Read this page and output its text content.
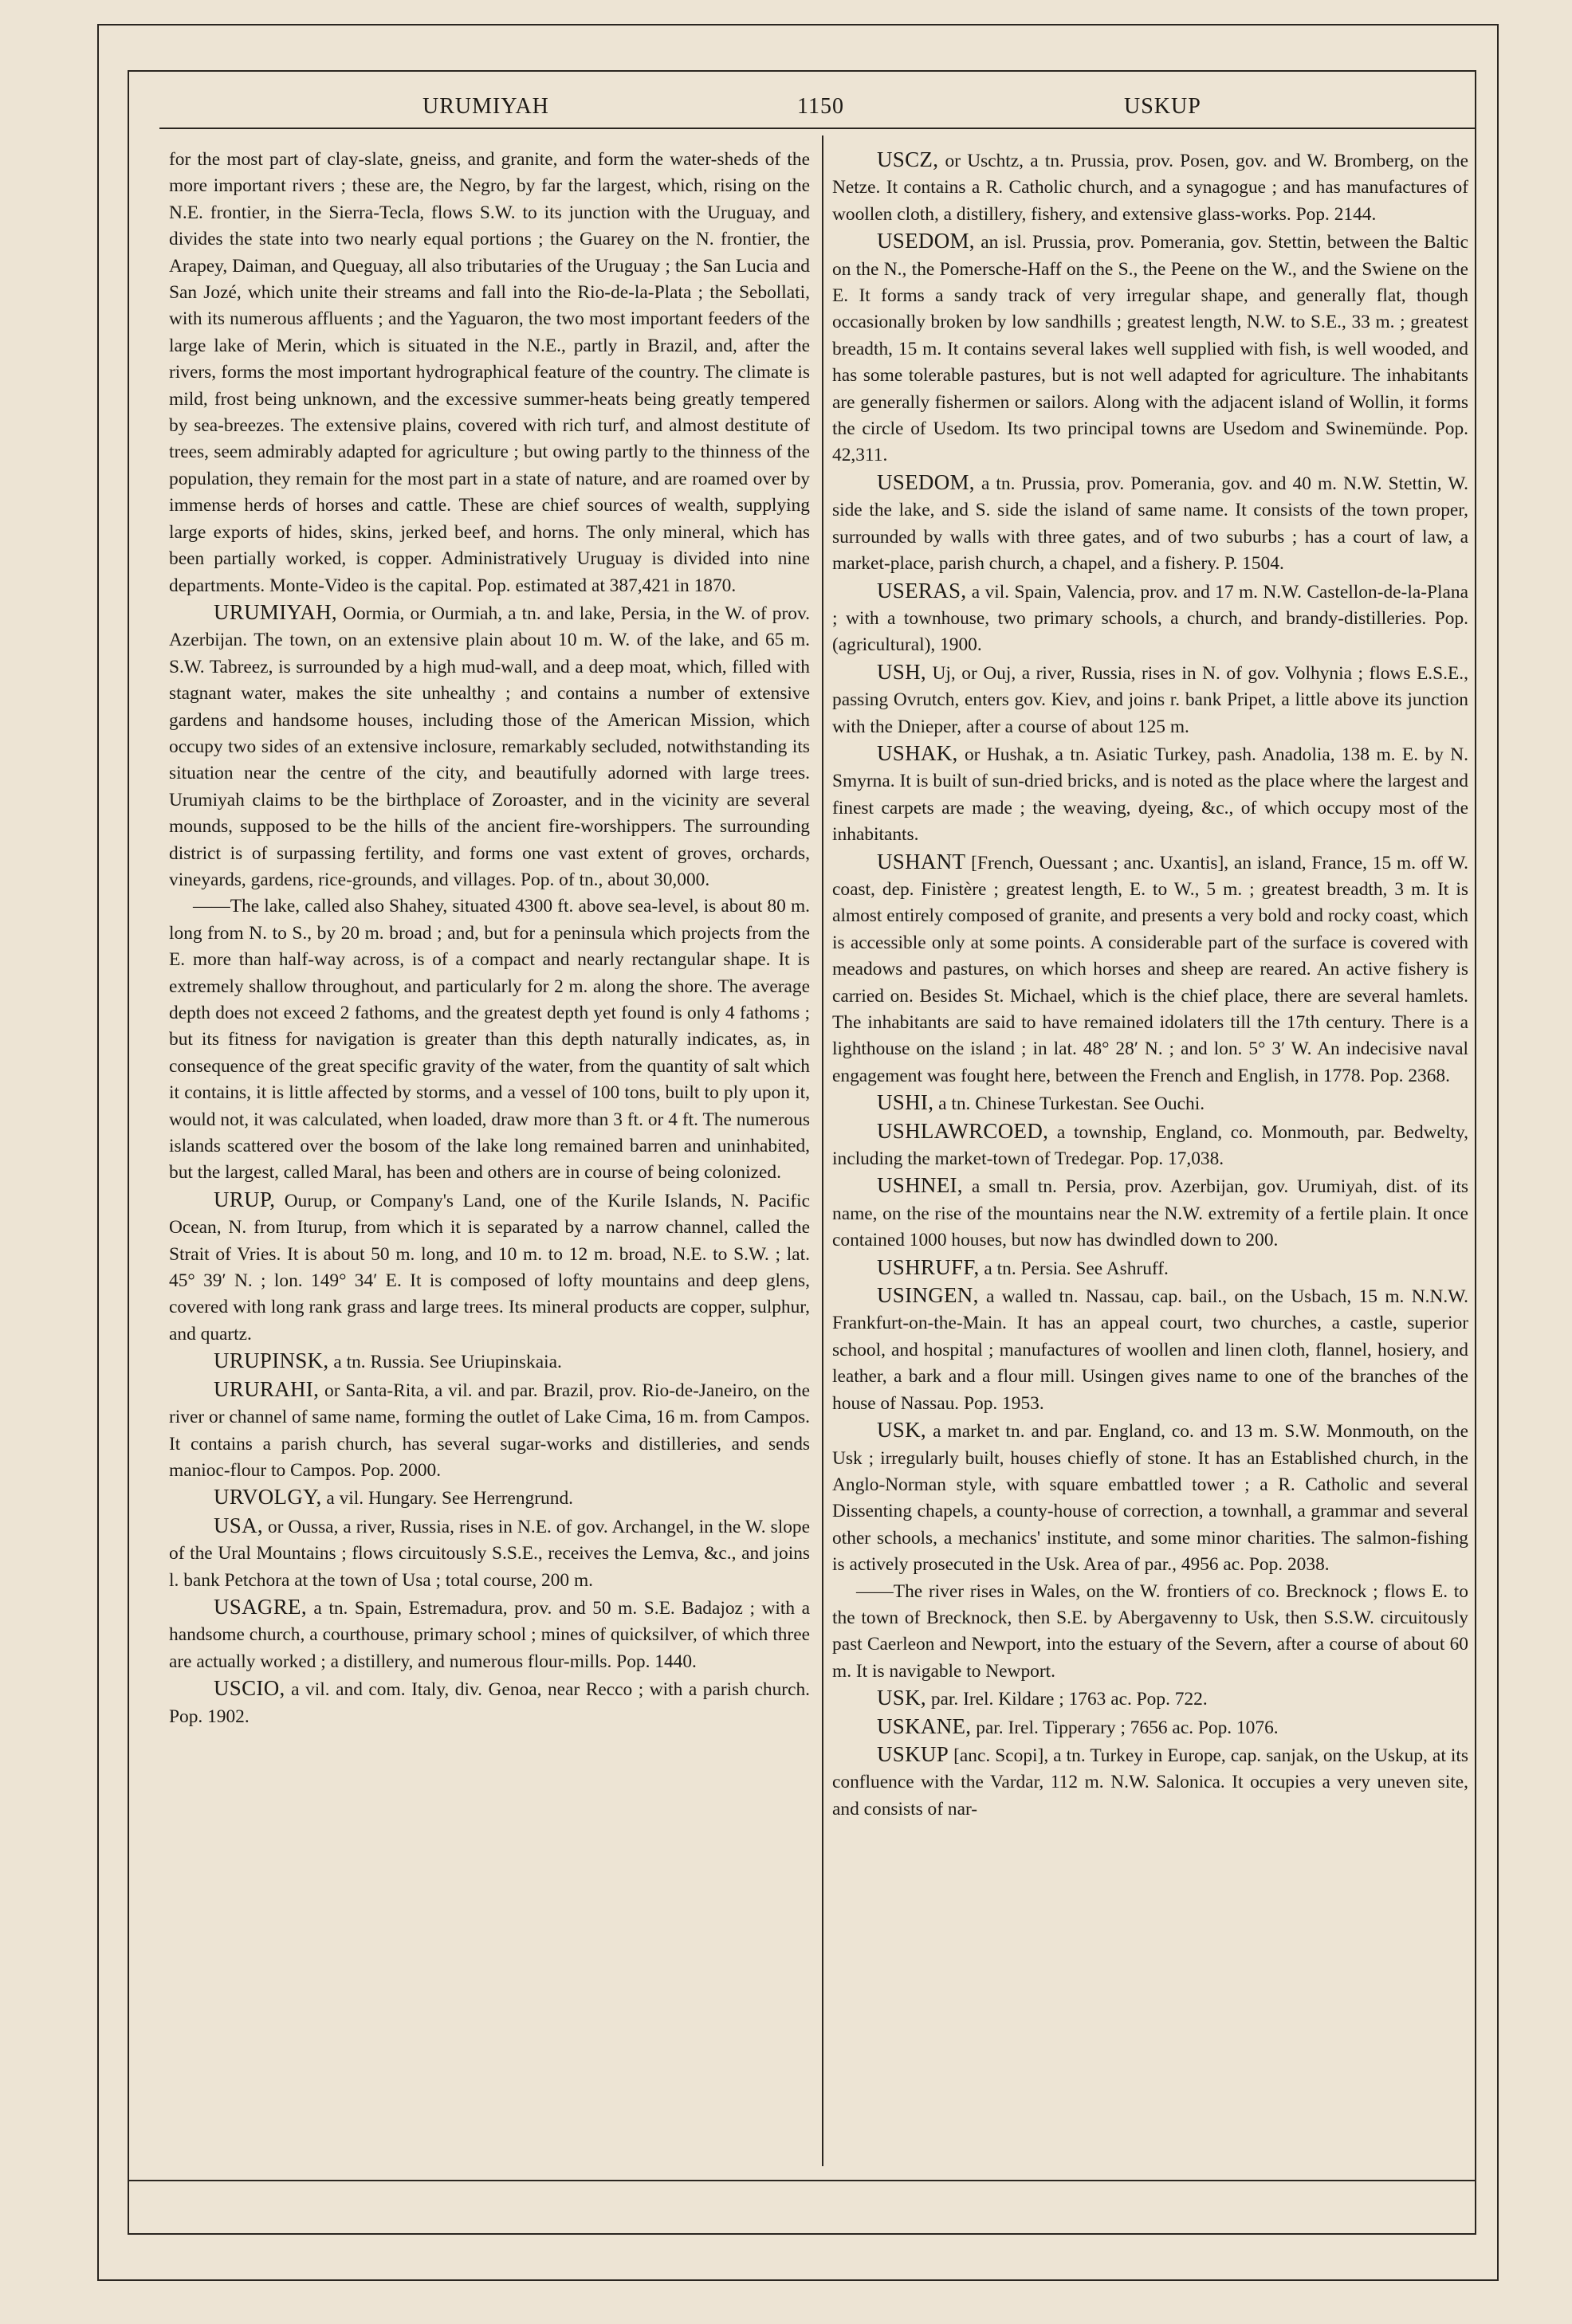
URUMIYAH	1150	USKUP

for the most part of clay-slate, gneiss, and granite, and form the water-sheds of the more important rivers ; these are, the Negro, by far the largest, which, rising on the N.E. frontier, in the Sierra-Tecla, flows S.W. to its junction with the Uruguay, and divides the state into two nearly equal portions ; the Guarey on the N. frontier, the Arapey, Daiman, and Queguay, all also tributaries of the Uruguay ; the San Lucia and San Jozé, which unite their streams and fall into the Rio-de-la-Plata ; the Sebollati, with its numerous affluents ; and the Yaguaron, the two most important feeders of the large lake of Merin, which is situated in the N.E., partly in Brazil, and, after the rivers, forms the most important hydrographical feature of the country. The climate is mild, frost being unknown, and the excessive summer-heats being greatly tempered by sea-breezes. The extensive plains, covered with rich turf, and almost destitute of trees, seem admirably adapted for agriculture ; but owing partly to the thinness of the population, they remain for the most part in a state of nature, and are roamed over by immense herds of horses and cattle. These are chief sources of wealth, supplying large exports of hides, skins, jerked beef, and horns. The only mineral, which has been partially worked, is copper. Administratively Uruguay is divided into nine departments. Monte-Video is the capital. Pop. estimated at 387,421 in 1870.

URUMIYAH, Oormia, or Ourmiah, a tn. and lake, Persia, in the W. of prov. Azerbijan. The town, on an extensive plain about 10 m. W. of the lake, and 65 m. S.W. Tabreez, is surrounded by a high mud-wall, and a deep moat, which, filled with stagnant water, makes the site unhealthy ; and contains a number of extensive gardens and handsome houses, including those of the American Mission, which occupy two sides of an extensive inclosure, remarkably secluded, notwithstanding its situation near the centre of the city, and beautifully adorned with large trees. Urumiyah claims to be the birthplace of Zoroaster, and in the vicinity are several mounds, supposed to be the hills of the ancient fire-worshippers. The surrounding district is of surpassing fertility, and forms one vast extent of groves, orchards, vineyards, gardens, rice-grounds, and villages. Pop. of tn., about 30,000.

——The lake, called also Shahey, situated 4300 ft. above sea-level, is about 80 m. long from N. to S., by 20 m. broad ; and, but for a peninsula which projects from the E. more than half-way across, is of a compact and nearly rectangular shape. It is extremely shallow throughout, and particularly for 2 m. along the shore. The average depth does not exceed 2 fathoms, and the greatest depth yet found is only 4 fathoms ; but its fitness for navigation is greater than this depth naturally indicates, as, in consequence of the great specific gravity of the water, from the quantity of salt which it contains, it is little affected by storms, and a vessel of 100 tons, built to ply upon it, would not, it was calculated, when loaded, draw more than 3 ft. or 4 ft. The numerous islands scattered over the bosom of the lake long remained barren and uninhabited, but the largest, called Maral, has been and others are in course of being colonized.

URUP, Ourup, or Company's Land, one of the Kurile Islands, N. Pacific Ocean, N. from Iturup, from which it is separated by a narrow channel, called the Strait of Vries. It is about 50 m. long, and 10 m. to 12 m. broad, N.E. to S.W. ; lat. 45° 39′ N. ; lon. 149° 34′ E. It is composed of lofty mountains and deep glens, covered with long rank grass and large trees. Its mineral products are copper, sulphur, and quartz.

URUPINSK, a tn. Russia. See Uriupinskaia.

URURAHI, or Santa-Rita, a vil. and par. Brazil, prov. Rio-de-Janeiro, on the river or channel of same name, forming the outlet of Lake Cima, 16 m. from Campos. It contains a parish church, has several sugar-works and distilleries, and sends manioc-flour to Campos. Pop. 2000.

URVOLGY, a vil. Hungary. See Herrengrund.

USA, or Oussa, a river, Russia, rises in N.E. of gov. Archangel, in the W. slope of the Ural Mountains ; flows circuitously S.S.E., receives the Lemva, &c., and joins l. bank Petchora at the town of Usa ; total course, 200 m.

USAGRE, a tn. Spain, Estremadura, prov. and 50 m. S.E. Badajoz ; with a handsome church, a courthouse, primary school ; mines of quicksilver, of which three are actually worked ; a distillery, and numerous flour-mills. Pop. 1440.

USCIO, a vil. and com. Italy, div. Genoa, near Recco ; with a parish church. Pop. 1902.

USCZ, or Uschtz, a tn. Prussia, prov. Posen, gov. and W. Bromberg, on the Netze. It contains a R. Catholic church, and a synagogue ; and has manufactures of woollen cloth, a distillery, fishery, and extensive glass-works. Pop. 2144.

USEDOM, an isl. Prussia, prov. Pomerania, gov. Stettin, between the Baltic on the N., the Pomersche-Haff on the S., the Peene on the W., and the Swiene on the E. It forms a sandy track of very irregular shape, and generally flat, though occasionally broken by low sandhills ; greatest length, N.W. to S.E., 33 m. ; greatest breadth, 15 m. It contains several lakes well supplied with fish, is well wooded, and has some tolerable pastures, but is not well adapted for agriculture. The inhabitants are generally fishermen or sailors. Along with the adjacent island of Wollin, it forms the circle of Usedom. Its two principal towns are Usedom and Swinemünde. Pop. 42,311.

USEDOM, a tn. Prussia, prov. Pomerania, gov. and 40 m. N.W. Stettin, W. side the lake, and S. side the island of same name. It consists of the town proper, surrounded by walls with three gates, and of two suburbs ; has a court of law, a market-place, parish church, a chapel, and a fishery. P. 1504.

USERAS, a vil. Spain, Valencia, prov. and 17 m. N.W. Castellon-de-la-Plana ; with a townhouse, two primary schools, a church, and brandy-distilleries. Pop. (agricultural), 1900.

USH, Uj, or Ouj, a river, Russia, rises in N. of gov. Volhynia ; flows E.S.E., passing Ovrutch, enters gov. Kiev, and joins r. bank Pripet, a little above its junction with the Dnieper, after a course of about 125 m.

USHAK, or Hushak, a tn. Asiatic Turkey, pash. Anadolia, 138 m. E. by N. Smyrna. It is built of sun-dried bricks, and is noted as the place where the largest and finest carpets are made ; the weaving, dyeing, &c., of which occupy most of the inhabitants.

USHANT [French, Ouessant ; anc. Uxantis], an island, France, 15 m. off W. coast, dep. Finistère ; greatest length, E. to W., 5 m. ; greatest breadth, 3 m. It is almost entirely composed of granite, and presents a very bold and rocky coast, which is accessible only at some points. A considerable part of the surface is covered with meadows and pastures, on which horses and sheep are reared. An active fishery is carried on. Besides St. Michael, which is the chief place, there are several hamlets. The inhabitants are said to have remained idolaters till the 17th century. There is a lighthouse on the island ; in lat. 48° 28′ N. ; and lon. 5° 3′ W. An indecisive naval engagement was fought here, between the French and English, in 1778. Pop. 2368.

USHI, a tn. Chinese Turkestan. See Ouchi.

USHLAWRCOED, a township, England, co. Monmouth, par. Bedwelty, including the market-town of Tredegar. Pop. 17,038.

USHNEI, a small tn. Persia, prov. Azerbijan, gov. Urumiyah, dist. of its name, on the rise of the mountains near the N.W. extremity of a fertile plain. It once contained 1000 houses, but now has dwindled down to 200.

USHRUFF, a tn. Persia. See Ashruff.

USINGEN, a walled tn. Nassau, cap. bail., on the Usbach, 15 m. N.N.W. Frankfurt-on-the-Main. It has an appeal court, two churches, a castle, superior school, and hospital ; manufactures of woollen and linen cloth, flannel, hosiery, and leather, a bark and a flour mill. Usingen gives name to one of the branches of the house of Nassau. Pop. 1953.

USK, a market tn. and par. England, co. and 13 m. S.W. Monmouth, on the Usk ; irregularly built, houses chiefly of stone. It has an Established church, in the Anglo-Norman style, with square embattled tower ; a R. Catholic and several Dissenting chapels, a county-house of correction, a townhall, a grammar and several other schools, a mechanics' institute, and some minor charities. The salmon-fishing is actively prosecuted in the Usk. Area of par., 4956 ac. Pop. 2038.

——The river rises in Wales, on the W. frontiers of co. Brecknock ; flows E. to the town of Brecknock, then S.E. by Abergavenny to Usk, then S.S.W. circuitously past Caerleon and Newport, into the estuary of the Severn, after a course of about 60 m. It is navigable to Newport.

USK, par. Irel. Kildare ; 1763 ac. Pop. 722.

USKANE, par. Irel. Tipperary ; 7656 ac. Pop. 1076.

USKUP [anc. Scopi], a tn. Turkey in Europe, cap. sanjak, on the Uskup, at its confluence with the Vardar, 112 m. N.W. Salonica. It occupies a very uneven site, and consists of nar-
